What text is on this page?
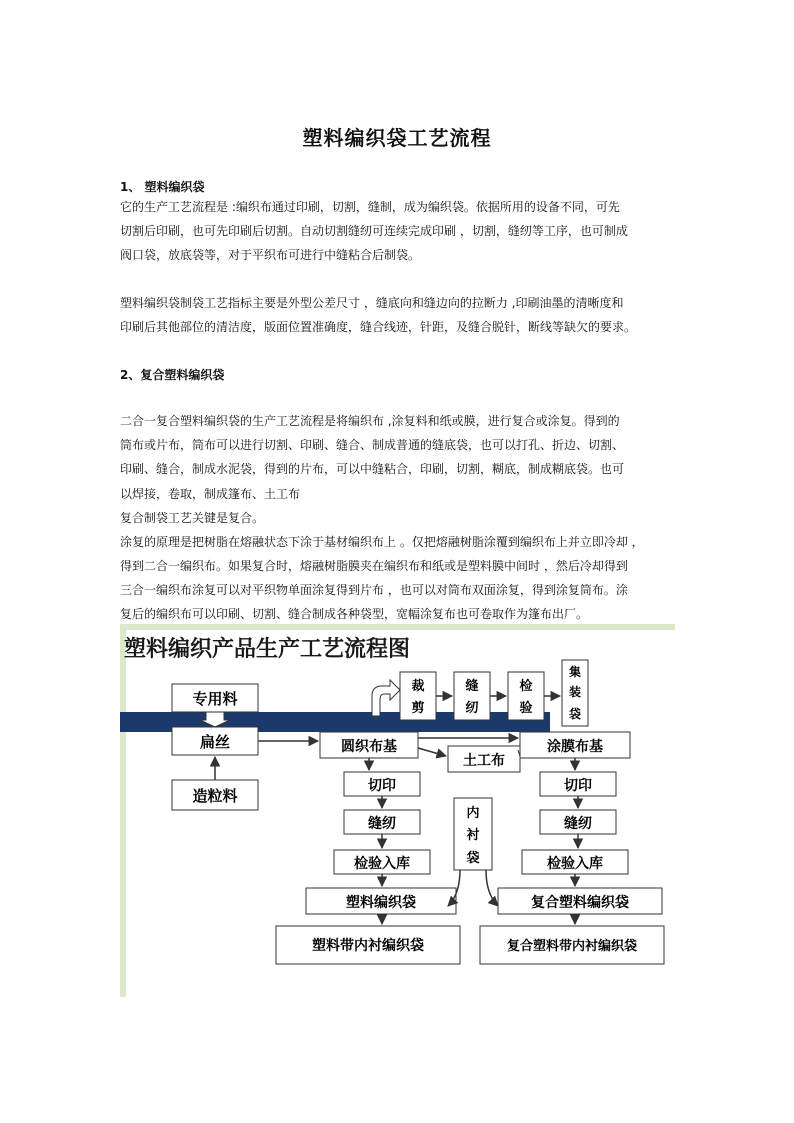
塑料编织袋工艺流程
1、 塑料编织袋
它的生产工艺流程是 :编织布通过印刷，切割，缝制，成为编织袋。依据所用的设备不同，可先
切割后印刷，也可先印刷后切割。自动切割缝纫可连续完成印刷 ，切割，缝纫等工序，也可制成
阀口袋，放底袋等，对于平织布可进行中缝粘合后制袋。
塑料编织袋制袋工艺指标主要是外型公差尺寸 ，缝底向和缝边向的拉断力 ,印刷油墨的清晰度和
印刷后其他部位的清洁度，版面位置准确度，缝合线迹，针距，及缝合脱针，断线等缺欠的要求。
2、复合塑料编织袋
二合一复合塑料编织袋的生产工艺流程是将编织布 ,涂复料和纸或膜，进行复合或涂复。得到的
筒布或片布，筒布可以进行切割、印刷、缝合、制成普通的缝底袋，也可以打孔、折边、切割、
印刷、缝合，制成水泥袋，得到的片布，可以中缝粘合，印刷，切割，糊底，制成糊底袋。也可
以焊接，卷取，制成篷布、土工布
复合制袋工艺关键是复合。
涂复的原理是把树脂在熔融状态下涂于基材编织布上 。仅把熔融树脂涂覆到编织布上并立即冷却 ，
得到二合一编织布。如果复合时，熔融树脂膜夹在编织布和纸或是塑料膜中间时 ，然后冷却得到
三合一编织布涂复可以对平织物单面涂复得到片布 ，也可以对筒布双面涂复，得到涂复筒布。涂
复后的编织布可以印刷、切割、缝合制成各种袋型，宽幅涂复布也可卷取作为篷布出厂。
塑料编织产品生产工艺流程图
专用料
扁丝
造粒料
裁
剪
缝
纫
检
验
集
装
袋
圆织布基
土工布
涂膜布基
切印
缝纫
检验入库
塑料编织袋
塑料带内衬编织袋
内
衬
袋
切印
缝纫
检验入库
复合塑料编织袋
复合塑料带内衬编织袋
